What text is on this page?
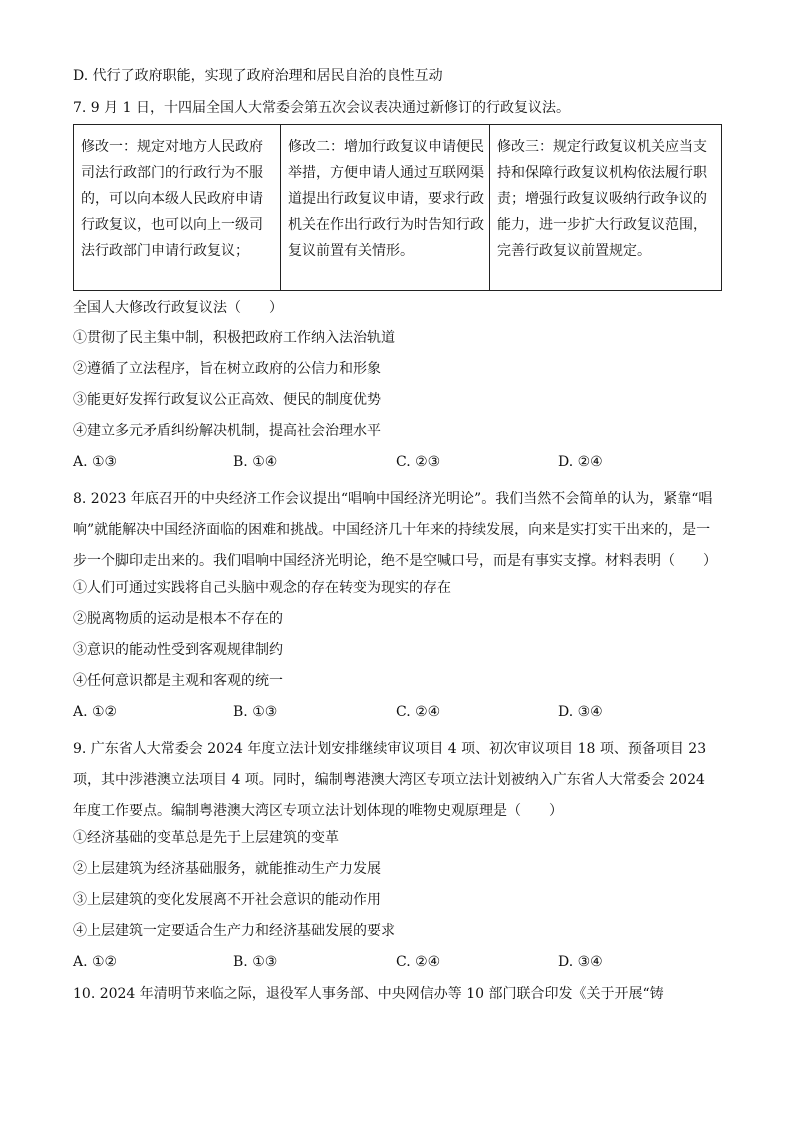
D. 代行了政府职能，实现了政府治理和居民自治的良性互动
7. 9 月 1 日，十四届全国人大常委会第五次会议表决通过新修订的行政复议法。
修改一：规定对地方人民政府司法行政部门的行政行为不服的，可以向本级人民政府申请行政复议，也可以向上一级司法行政部门申请行政复议；	修改二：增加行政复议申请便民举措，方便申请人通过互联网渠道提出行政复议申请，要求行政机关在作出行政行为时告知行政复议前置有关情形。	修改三：规定行政复议机关应当支持和保障行政复议机构依法履行职责；增强行政复议吸纳行政争议的能力，进一步扩大行政复议范围，完善行政复议前置规定。
全国人大修改行政复议法（　　）
①贯彻了民主集中制，积极把政府工作纳入法治轨道
②遵循了立法程序，旨在树立政府的公信力和形象
③能更好发挥行政复议公正高效、便民的制度优势
④建立多元矛盾纠纷解决机制，提高社会治理水平
A. ①③	B. ①④	C. ②③	D. ②④
8. 2023 年底召开的中央经济工作会议提出“唱响中国经济光明论”。我们当然不会简单的认为，紧靠“唱响”就能解决中国经济面临的困难和挑战。中国经济几十年来的持续发展，向来是实打实干出来的，是一步一个脚印走出来的。我们唱响中国经济光明论，绝不是空喊口号，而是有事实支撑。材料表明（　　）
①人们可通过实践将自己头脑中观念的存在转变为现实的存在
②脱离物质的运动是根本不存在的
③意识的能动性受到客观规律制约
④任何意识都是主观和客观的统一
A. ①②	B. ①③	C. ②④	D. ③④
9. 广东省人大常委会 2024 年度立法计划安排继续审议项目 4 项、初次审议项目 18 项、预备项目 23 项，其中涉港澳立法项目 4 项。同时，编制粤港澳大湾区专项立法计划被纳入广东省人大常委会 2024 年度工作要点。编制粤港澳大湾区专项立法计划体现的唯物史观原理是（　　）
①经济基础的变革总是先于上层建筑的变革
②上层建筑为经济基础服务，就能推动生产力发展
③上层建筑的变化发展离不开社会意识的能动作用
④上层建筑一定要适合生产力和经济基础发展的要求
A. ①②	B. ①③	C. ②④	D. ③④
10. 2024 年清明节来临之际，退役军人事务部、中央网信办等 10 部门联合印发《关于开展“铸
